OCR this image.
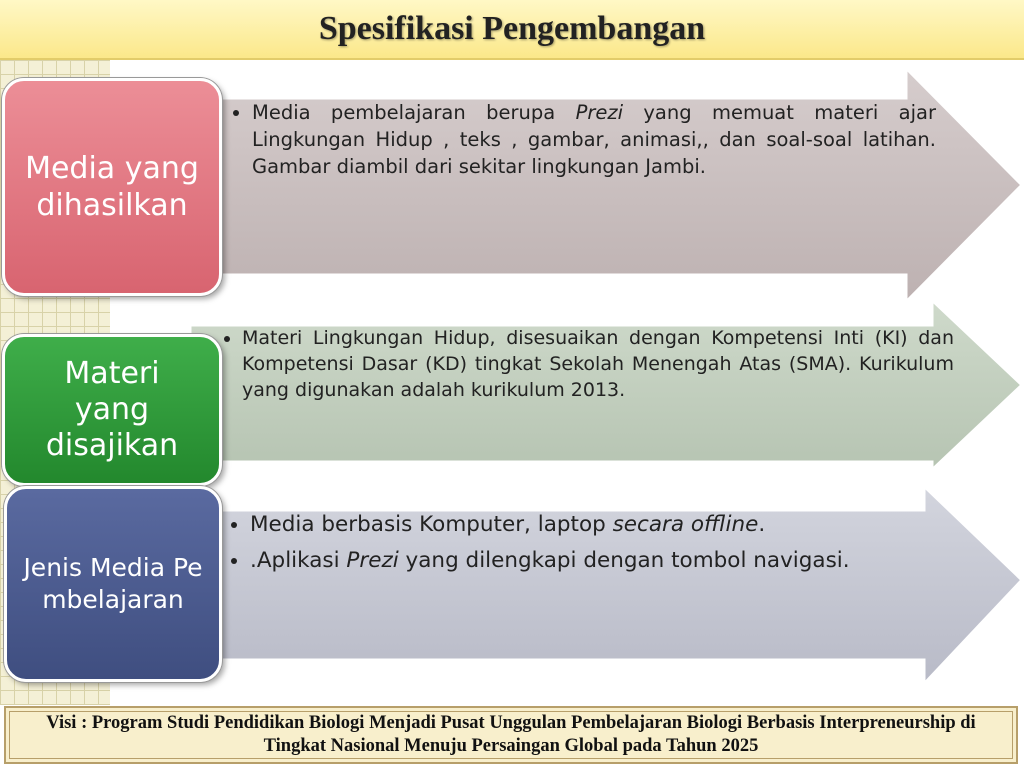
Spesifikasi Pengembangan
Media yang dihasilkan
• Media pembelajaran berupa Prezi yang memuat materi ajar Lingkungan Hidup , teks , gambar, animasi,, dan soal-soal latihan. Gambar diambil dari sekitar lingkungan Jambi.
Materi yang disajikan
• Materi Lingkungan Hidup, disesuaikan dengan Kompetensi Inti (KI) dan Kompetensi Dasar (KD) tingkat Sekolah Menengah Atas (SMA). Kurikulum yang digunakan adalah kurikulum 2013.
Jenis Media Pembelajaran
• Media berbasis Komputer, laptop secara offline.
• .Aplikasi Prezi yang dilengkapi dengan tombol navigasi.
Visi : Program Studi Pendidikan Biologi Menjadi Pusat Unggulan Pembelajaran Biologi Berbasis Interpreneurship di Tingkat Nasional Menuju Persaingan Global pada Tahun 2025
